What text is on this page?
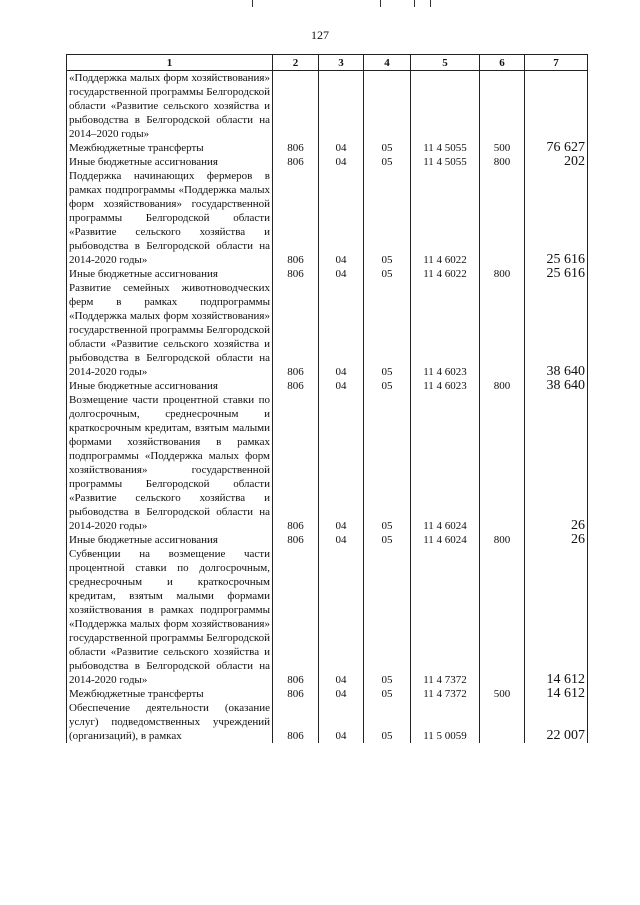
127
1	2	3	4	5	6	7
«Поддержка малых форм хозяйствования» государственной программы Белгородской области «Развитие сельского хозяйства и рыбоводства в Белгородской области на 2014–2020 годы»						
Межбюджетные трансферты	806	04	05	11 4 5055	500	76 627
Иные бюджетные ассигнования	806	04	05	11 4 5055	800	202
Поддержка начинающих фермеров в рамках подпрограммы «Поддержка малых форм хозяйствования» государственной программы Белгородской области «Развитие сельского хозяйства и рыбоводства в Белгородской области на 2014-2020 годы»	806	04	05	11 4 6022		25 616
Иные бюджетные ассигнования	806	04	05	11 4 6022	800	25 616
Развитие семейных животноводческих ферм в рамках подпрограммы «Поддержка малых форм хозяйствования» государственной программы Белгородской области «Развитие сельского хозяйства и рыбоводства в Белгородской области на 2014-2020 годы»	806	04	05	11 4 6023		38 640
Иные бюджетные ассигнования	806	04	05	11 4 6023	800	38 640
Возмещение части процентной ставки по долгосрочным, среднесрочным и краткосрочным кредитам, взятым малыми формами хозяйствования в рамках подпрограммы «Поддержка малых форм хозяйствования» государственной программы Белгородской области «Развитие сельского хозяйства и рыбоводства в Белгородской области на 2014-2020 годы»	806	04	05	11 4 6024		26
Иные бюджетные ассигнования	806	04	05	11 4 6024	800	26
Субвенции на возмещение части процентной ставки по долгосрочным, среднесрочным и краткосрочным кредитам, взятым малыми формами хозяйствования в рамках подпрограммы «Поддержка малых форм хозяйствования» государственной программы Белгородской области «Развитие сельского хозяйства и рыбоводства в Белгородской области на 2014-2020 годы»	806	04	05	11 4 7372		14 612
Межбюджетные трансферты	806	04	05	11 4 7372	500	14 612
Обеспечение деятельности (оказание услуг) подведомственных учреждений (организаций), в рамках	806	04	05	11 5 0059		22 007
